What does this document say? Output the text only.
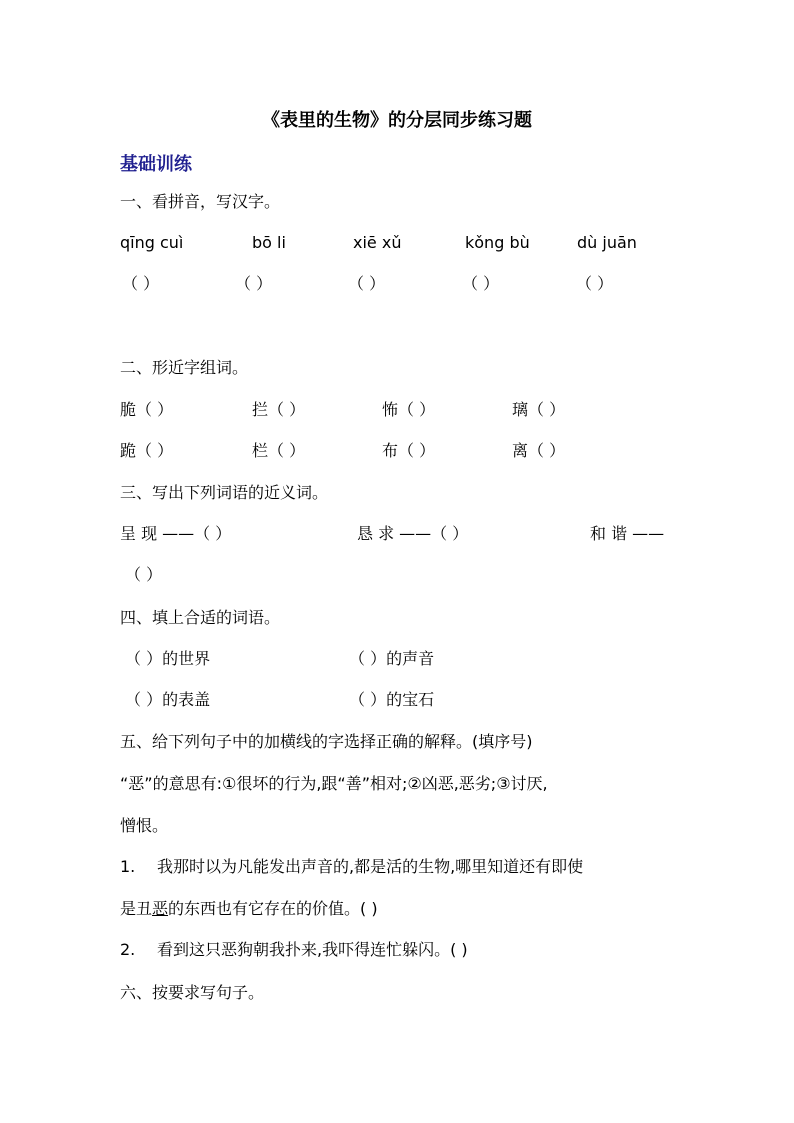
《表里的生物》的分层同步练习题
基础训练
一、看拼音，写汉字。
qīng cuì	bō li	xiē xǔ	kǒng bù	dù juān
（ ）	（ ）	（ ）	（ ）	（ ）
二、形近字组词。
脆（ ）	拦（ ）	怖（ ）	璃（ ）
跪（ ）	栏（ ）	布（ ）	离（ ）
三、写出下列词语的近义词。
呈 现 ——（ ）	恳 求 ——（ ）	和 谐 ——
（ ）
四、填上合适的词语。
（ ）的世界	（ ）的声音
（ ）的表盖	（ ）的宝石
五、给下列句子中的加横线的字选择正确的解释。(填序号)
“恶”的意思有:①很坏的行为,跟“善”相对;②凶恶,恶劣;③讨厌,
憎恨。
1. 我那时以为凡能发出声音的,都是活的生物,哪里知道还有即使
是丑恶的东西也有它存在的价值。( )
2. 看到这只恶狗朝我扑来,我吓得连忙躲闪。( )
六、按要求写句子。
